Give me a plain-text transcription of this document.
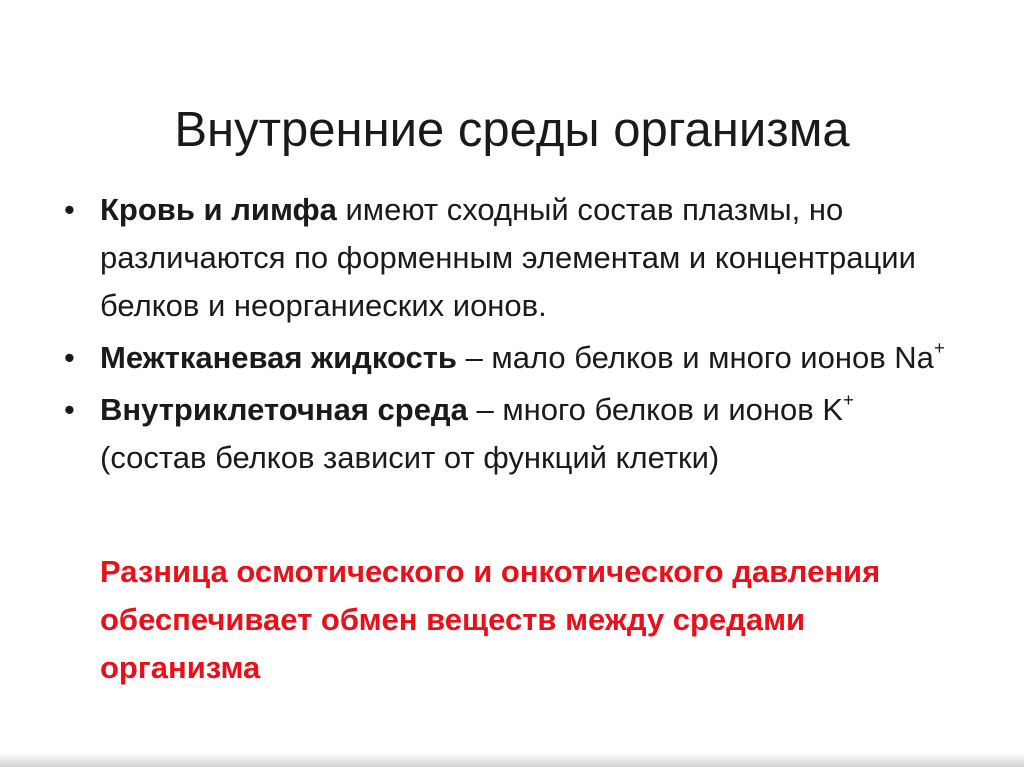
Внутренние среды организма
• Кровь и лимфа имеют сходный состав плазмы, но различаются по форменным элементам и концентрации белков и неорганиеских ионов.
• Межтканевая жидкость – мало белков и много ионов Na+
• Внутриклеточная среда – много белков и ионов K+ (состав белков зависит от функций клетки)
Разница осмотического и онкотического давления обеспечивает обмен веществ между средами организма
